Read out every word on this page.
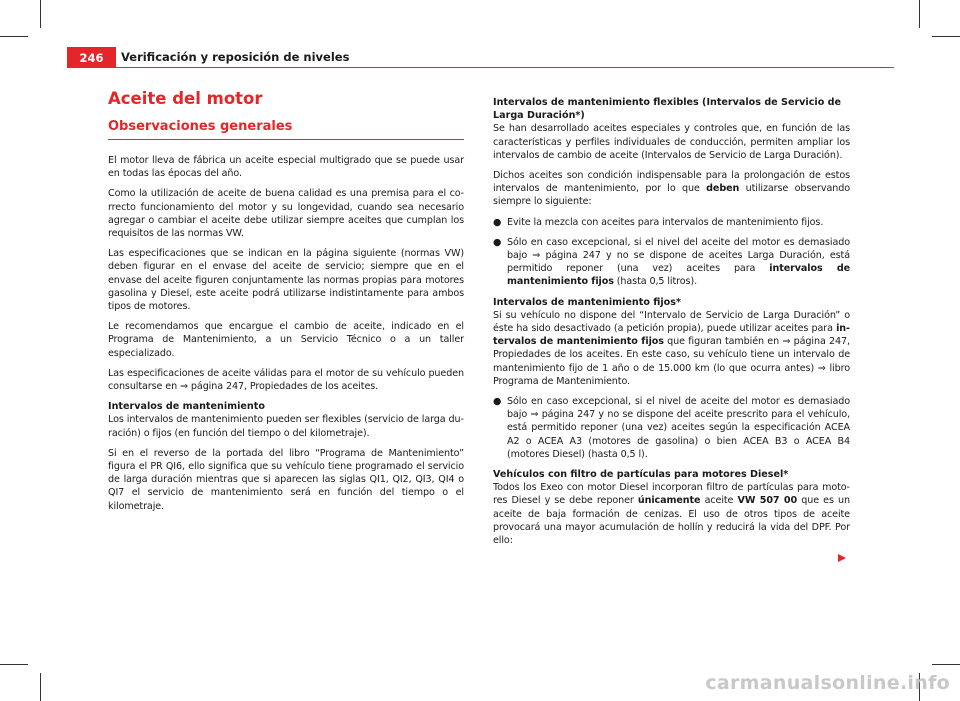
246	Verificación y reposición de niveles
Aceite del motor
Observaciones generales

El motor lleva de fábrica un aceite especial multigrado que se puede usar en todas las épocas del año.

Como la utilización de aceite de buena calidad es una premisa para el correcto funcionamiento del motor y su longevidad, cuando sea necesario agregar o cambiar el aceite debe utilizar siempre aceites que cumplan los requisitos de las normas VW.

Las especificaciones que se indican en la página siguiente (normas VW) deben figurar en el envase del aceite de servicio; siempre que en el envase del aceite figuren conjuntamente las normas propias para motores gasolina y Diesel, este aceite podrá utilizarse indistintamente para ambos tipos de motores.

Le recomendamos que encargue el cambio de aceite, indicado en el Programa de Mantenimiento, a un Servicio Técnico o a un taller especializado.

Las especificaciones de aceite válidas para el motor de su vehículo pueden consultarse en ⇒ página 247, Propiedades de los aceites.

Intervalos de mantenimiento

Los intervalos de mantenimiento pueden ser flexibles (servicio de larga duración) o fijos (en función del tiempo o del kilometraje).

Si en el reverso de la portada del libro “Programa de Mantenimiento” figura el PR QI6, ello significa que su vehículo tiene programado el servicio de larga duración mientras que si aparecen las siglas QI1, QI2, QI3, QI4 o QI7 el servicio de mantenimiento será en función del tiempo o el kilometraje.

Intervalos de mantenimiento flexibles (Intervalos de Servicio de Larga Duración*)

Se han desarrollado aceites especiales y controles que, en función de las características y perfiles individuales de conducción, permiten ampliar los intervalos de cambio de aceite (Intervalos de Servicio de Larga Duración).

Dichos aceites son condición indispensable para la prolongación de estos intervalos de mantenimiento, por lo que deben utilizarse observando siempre lo siguiente:

● Evite la mezcla con aceites para intervalos de mantenimiento fijos.

● Sólo en caso excepcional, si el nivel del aceite del motor es demasiado bajo ⇒ página 247 y no se dispone de aceites Larga Duración, está permitido reponer (una vez) aceites para intervalos de mantenimiento fijos (hasta 0,5 litros).

Intervalos de mantenimiento fijos*

Si su vehículo no dispone del “Intervalo de Servicio de Larga Duración” o éste ha sido desactivado (a petición propia), puede utilizar aceites para intervalos de mantenimiento fijos que figuran también en ⇒ página 247, Propiedades de los aceites. En este caso, su vehículo tiene un intervalo de mantenimiento fijo de 1 año o de 15.000 km (lo que ocurra antes) ⇒ libro Programa de Mantenimiento.

● Sólo en caso excepcional, si el nivel de aceite del motor es demasiado bajo ⇒ página 247 y no se dispone del aceite prescrito para el vehículo, está permitido reponer (una vez) aceites según la especificación ACEA A2 o ACEA A3 (motores de gasolina) o bien ACEA B3 o ACEA B4 (motores Diesel) (hasta 0,5 l).

Vehículos con filtro de partículas para motores Diesel*

Todos los Exeo con motor Diesel incorporan filtro de partículas para motores Diesel y se debe reponer únicamente aceite VW 507 00 que es un aceite de baja formación de cenizas. El uso de otros tipos de aceite provocará una mayor acumulación de hollín y reducirá la vida del DPF. Por ello:

carmanualsonline.info
